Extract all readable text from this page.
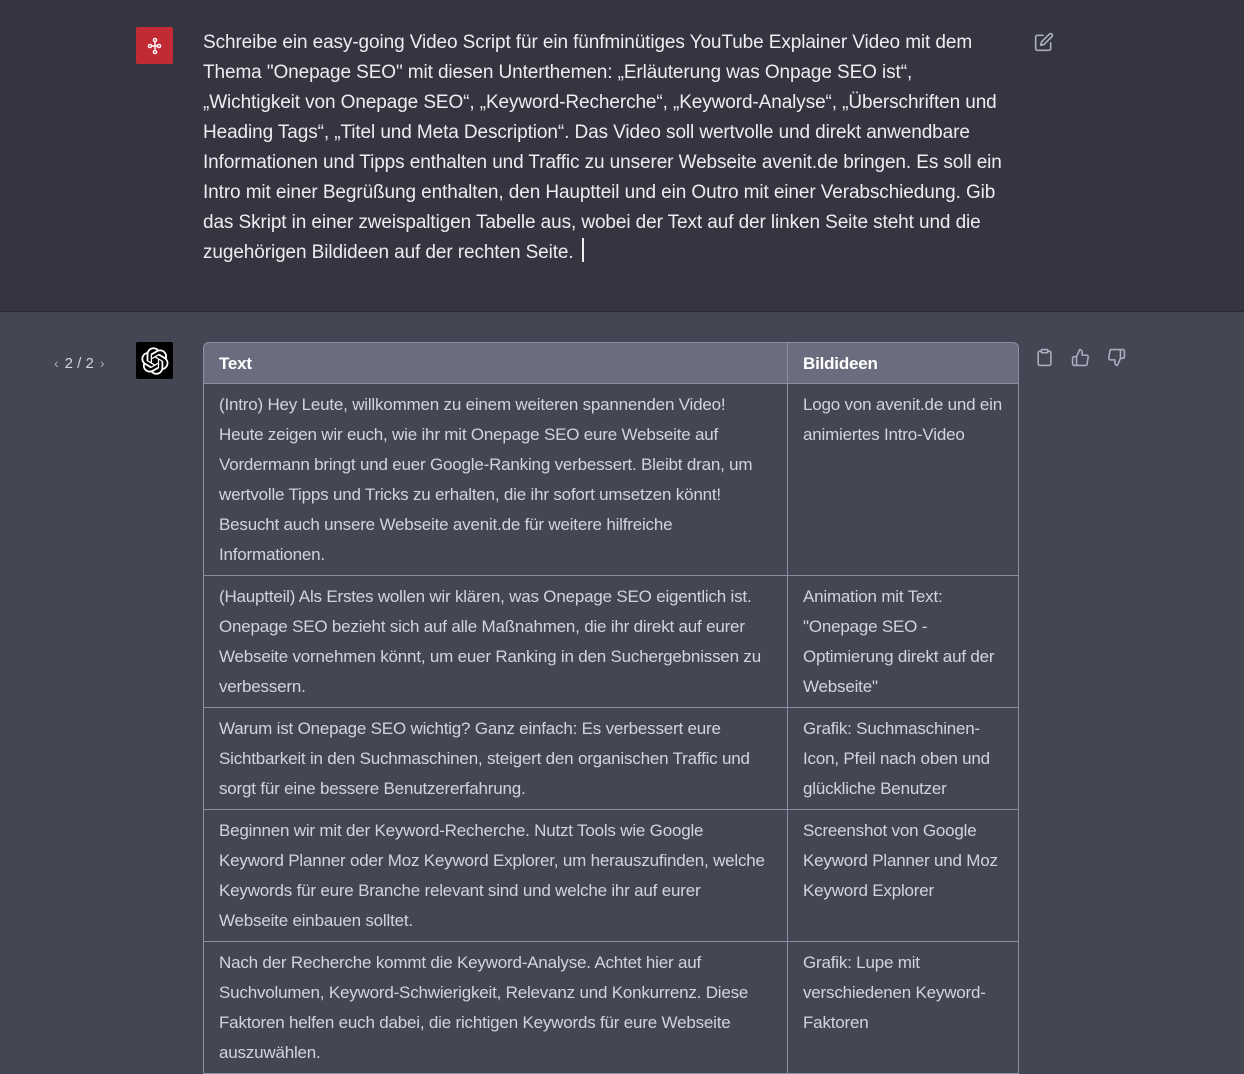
Schreibe ein easy-going Video Script für ein fünfminütiges YouTube Explainer Video mit dem Thema "Onepage SEO" mit diesen Unterthemen: „Erläuterung was Onpage SEO ist“, „Wichtigkeit von Onepage SEO“, „Keyword-Recherche“, „Keyword-Analyse“, „Überschriften und Heading Tags“, „Titel und Meta Description“. Das Video soll wertvolle und direkt anwendbare Informationen und Tipps enthalten und Traffic zu unserer Webseite avenit.de bringen. Es soll ein Intro mit einer Begrüßung enthalten, den Hauptteil und ein Outro mit einer Verabschiedung. Gib das Skript in einer zweispaltigen Tabelle aus, wobei der Text auf der linken Seite steht und die zugehörigen Bildideen auf der rechten Seite.
‹ 2 / 2 ›	Text	Bildideen
(Intro) Hey Leute, willkommen zu einem weiteren spannenden Video! Heute zeigen wir euch, wie ihr mit Onepage SEO eure Webseite auf Vordermann bringt und euer Google-Ranking verbessert. Bleibt dran, um wertvolle Tipps und Tricks zu erhalten, die ihr sofort umsetzen könnt! Besucht auch unsere Webseite avenit.de für weitere hilfreiche Informationen.	Logo von avenit.de und ein animiertes Intro-Video
(Hauptteil) Als Erstes wollen wir klären, was Onepage SEO eigentlich ist. Onepage SEO bezieht sich auf alle Maßnahmen, die ihr direkt auf eurer Webseite vornehmen könnt, um euer Ranking in den Suchergebnissen zu verbessern.	Animation mit Text: "Onepage SEO - Optimierung direkt auf der Webseite"
Warum ist Onepage SEO wichtig? Ganz einfach: Es verbessert eure Sichtbarkeit in den Suchmaschinen, steigert den organischen Traffic und sorgt für eine bessere Benutzererfahrung.	Grafik: Suchmaschinen-Icon, Pfeil nach oben und glückliche Benutzer
Beginnen wir mit der Keyword-Recherche. Nutzt Tools wie Google Keyword Planner oder Moz Keyword Explorer, um herauszufinden, welche Keywords für eure Branche relevant sind und welche ihr auf eurer Webseite einbauen solltet.	Screenshot von Google Keyword Planner und Moz Keyword Explorer
Nach der Recherche kommt die Keyword-Analyse. Achtet hier auf Suchvolumen, Keyword-Schwierigkeit, Relevanz und Konkurrenz. Diese Faktoren helfen euch dabei, die richtigen Keywords für eure Webseite auszuwählen.	Grafik: Lupe mit verschiedenen Keyword-Faktoren
